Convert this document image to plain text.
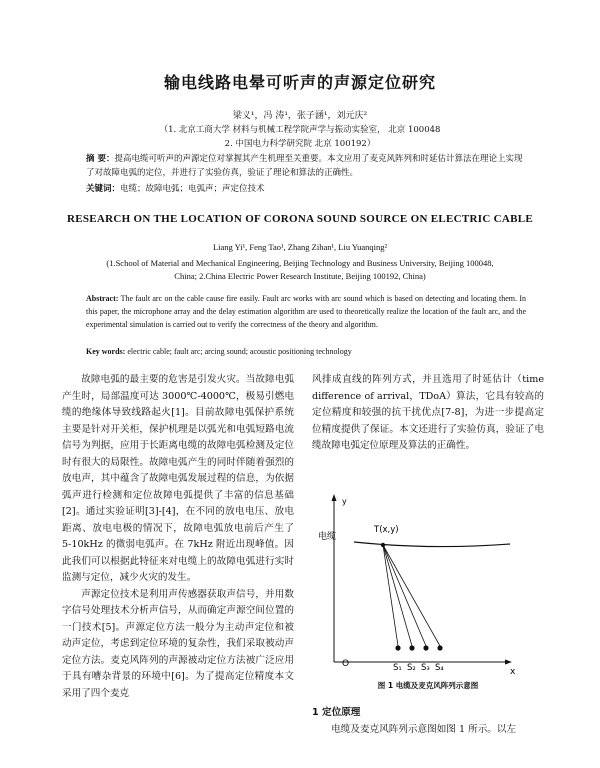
输电线路电晕可听声的声源定位研究
梁义¹，冯 涛¹，张子涵¹，刘元庆²
（1. 北京工商大学 材料与机械工程学院声学与振动实验室， 北京 100048
2. 中国电力科学研究院 北京 100192）
摘 要：提高电缆可听声的声源定位对掌握其产生机理至关重要。本文应用了麦克风阵列和时延估计算法在理论上实现了对故障电弧的定位，并进行了实验仿真，验证了理论和算法的正确性。
关键词：电缆；故障电弧；电弧声；声定位技术
RESEARCH ON THE LOCATION OF CORONA SOUND SOURCE ON ELECTRIC CABLE
Liang Yi¹, Feng Tao¹, Zhang Zihan¹, Liu Yuanqing²
(1.School of Material and Mechanical Engineering, Beijing Technology and Business University, Beijing 100048,
China; 2.China Electric Power Research Institute, Beijing 100192, China)
Abstract: The fault arc on the cable cause fire easily. Fault arc works with arc sound which is based on detecting and locating them. In this paper, the microphone array and the delay estimation algorithm are used to theoretically realize the location of the fault arc, and the experimental simulation is carried out to verify the correctness of the theory and algorithm.
Key words: electric cable; fault arc; arcing sound; acoustic positioning technology

故障电弧的最主要的危害是引发火灾。当故障电弧产生时，局部温度可达 3000℃-4000℃，极易引燃电缆的绝缘体导致线路起火[1]。目前故障电弧保护系统主要是针对开关柜，保护机理是以弧光和电弧短路电流信号为判据，应用于长距离电缆的故障电弧检测及定位时有很大的局限性。故障电弧产生的同时伴随着强烈的放电声，其中蕴含了故障电弧发展过程的信息，为依据弧声进行检测和定位故障电弧提供了丰富的信息基础[2]。通过实验证明[3]-[4]，在不同的放电电压、放电距离、放电电极的情况下，故障电弧放电前后产生了 5-10kHz 的微弱电弧声。在 7kHz 附近出现峰值。因此我们可以根据此特征来对电缆上的故障电弧进行实时监测与定位，减少火灾的发生。

声源定位技术是利用声传感器获取声信号，并用数字信号处理技术分析声信号，从而确定声源空间位置的一门技术[5]。声源定位方法一般分为主动声定位和被动声定位，考虑到定位环境的复杂性，我们采取被动声定位方法。麦克风阵列的声源被动定位方法被广泛应用于具有嘈杂背景的环境中[6]。为了提高定位精度本文采用了四个麦克

风排成直线的阵列方式，并且选用了时延估计（time difference of arrival，TDoA）算法，它具有较高的定位精度和较强的抗干扰优点[7-8]，为进一步提高定位精度提供了保证。本文还进行了实验仿真，验证了电缆故障电弧定位原理及算法的正确性。

y
x
O
电缆
T(x,y)
S₁ S₂ S₃ S₄
图 1 电缆及麦克风阵列示意图
1 定位原理

电缆及麦克风阵列示意图如图 1 所示。以左
